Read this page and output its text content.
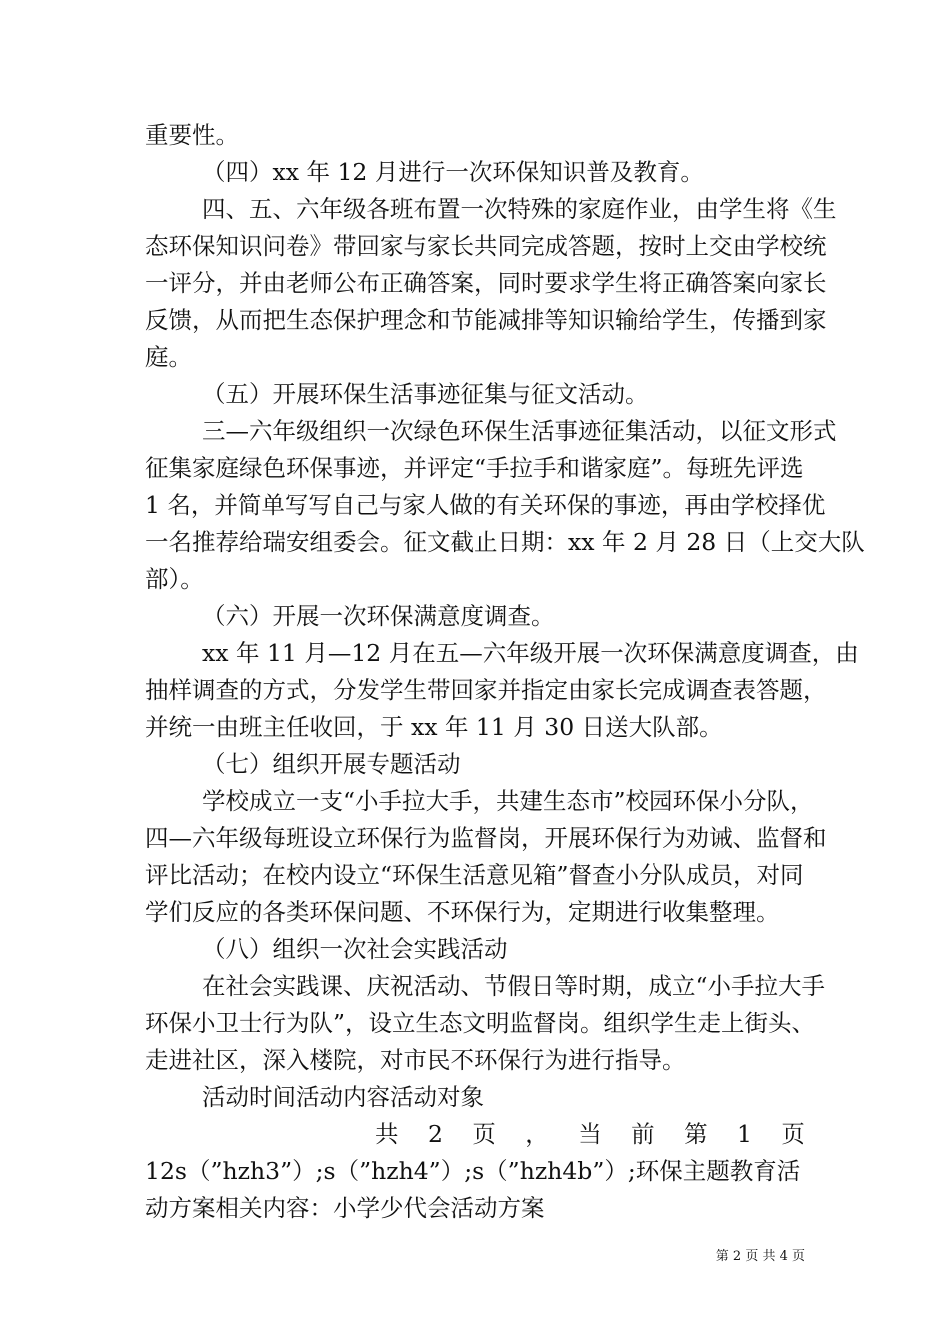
重要性。
（四）xx 年 12 月进行一次环保知识普及教育。
四、五、六年级各班布置一次特殊的家庭作业，由学生将《生
态环保知识问卷》带回家与家长共同完成答题，按时上交由学校统
一评分，并由老师公布正确答案，同时要求学生将正确答案向家长
反馈，从而把生态保护理念和节能减排等知识输给学生，传播到家
庭。
（五）开展环保生活事迹征集与征文活动。
三—六年级组织一次绿色环保生活事迹征集活动，以征文形式
征集家庭绿色环保事迹，并评定“手拉手和谐家庭”。每班先评选
1 名，并简单写写自己与家人做的有关环保的事迹，再由学校择优
一名推荐给瑞安组委会。征文截止日期：xx 年 2 月 28 日（上交大队
部）。
（六）开展一次环保满意度调查。
xx 年 11 月—12 月在五—六年级开展一次环保满意度调查，由
抽样调查的方式，分发学生带回家并指定由家长完成调查表答题，
并统一由班主任收回，于 xx 年 11 月 30 日送大队部。
（七）组织开展专题活动
学校成立一支“小手拉大手，共建生态市”校园环保小分队，
四—六年级每班设立环保行为监督岗，开展环保行为劝诫、监督和
评比活动；在校内设立“环保生活意见箱”督查小分队成员，对同
学们反应的各类环保问题、不环保行为，定期进行收集整理。
（八）组织一次社会实践活动
在社会实践课、庆祝活动、节假日等时期，成立“小手拉大手
环保小卫士行为队”，设立生态文明监督岗。组织学生走上街头、
走进社区，深入楼院，对市民不环保行为进行指导。
活动时间活动内容活动对象
共 2 页 ， 当 前 第 1 页
12s（”hzh3”）;s（”hzh4”）;s（”hzh4b”）;环保主题教育活
动方案相关内容：小学少代会活动方案
第 2 页 共 4 页
